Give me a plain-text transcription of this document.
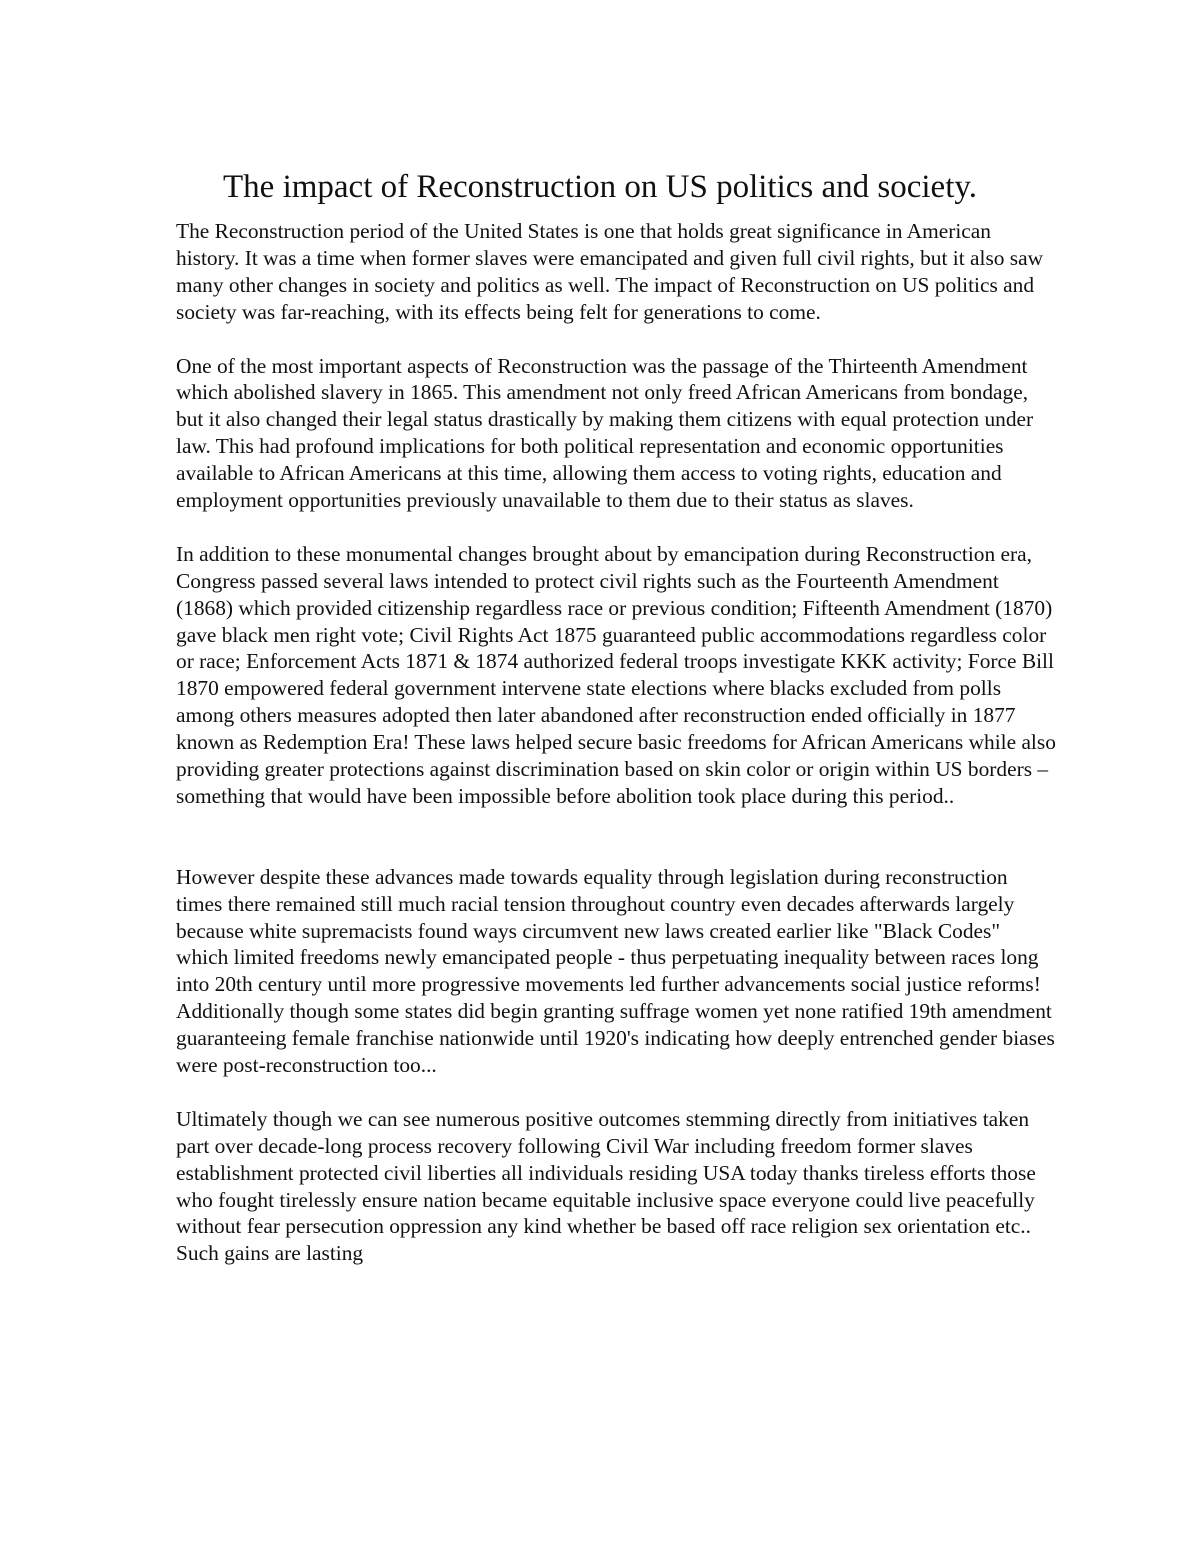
The impact of Reconstruction on US politics and society.

The Reconstruction period of the United States is one that holds great significance in American history. It was a time when former slaves were emancipated and given full civil rights, but it also saw many other changes in society and politics as well. The impact of Reconstruction on US politics and society was far-reaching, with its effects being felt for generations to come.

One of the most important aspects of Reconstruction was the passage of the Thirteenth Amendment which abolished slavery in 1865. This amendment not only freed African Americans from bondage, but it also changed their legal status drastically by making them citizens with equal protection under law. This had profound implications for both political representation and economic opportunities available to African Americans at this time, allowing them access to voting rights, education and employment opportunities previously unavailable to them due to their status as slaves.

In addition to these monumental changes brought about by emancipation during Reconstruction era, Congress passed several laws intended to protect civil rights such as the Fourteenth Amendment (1868) which provided citizenship regardless race or previous condition; Fifteenth Amendment (1870) gave black men right vote; Civil Rights Act 1875 guaranteed public accommodations regardless color or race; Enforcement Acts 1871 & 1874 authorized federal troops investigate KKK activity; Force Bill 1870 empowered federal government intervene state elections where blacks excluded from polls among others measures adopted then later abandoned after reconstruction ended officially in 1877 known as Redemption Era! These laws helped secure basic freedoms for African Americans while also providing greater protections against discrimination based on skin color or origin within US borders – something that would have been impossible before abolition took place during this period..

However despite these advances made towards equality through legislation during reconstruction times there remained still much racial tension throughout country even decades afterwards largely because white supremacists found ways circumvent new laws created earlier like "Black Codes" which limited freedoms newly emancipated people - thus perpetuating inequality between races long into 20th century until more progressive movements led further advancements social justice reforms! Additionally though some states did begin granting suffrage women yet none ratified 19th amendment guaranteeing female franchise nationwide until 1920's indicating how deeply entrenched gender biases were post-reconstruction too...

Ultimately though we can see numerous positive outcomes stemming directly from initiatives taken part over decade-long process recovery following Civil War including freedom former slaves establishment protected civil liberties all individuals residing USA today thanks tireless efforts those who fought tirelessly ensure nation became equitable inclusive space everyone could live peacefully without fear persecution oppression any kind whether be based off race religion sex orientation etc.. Such gains are lasting
